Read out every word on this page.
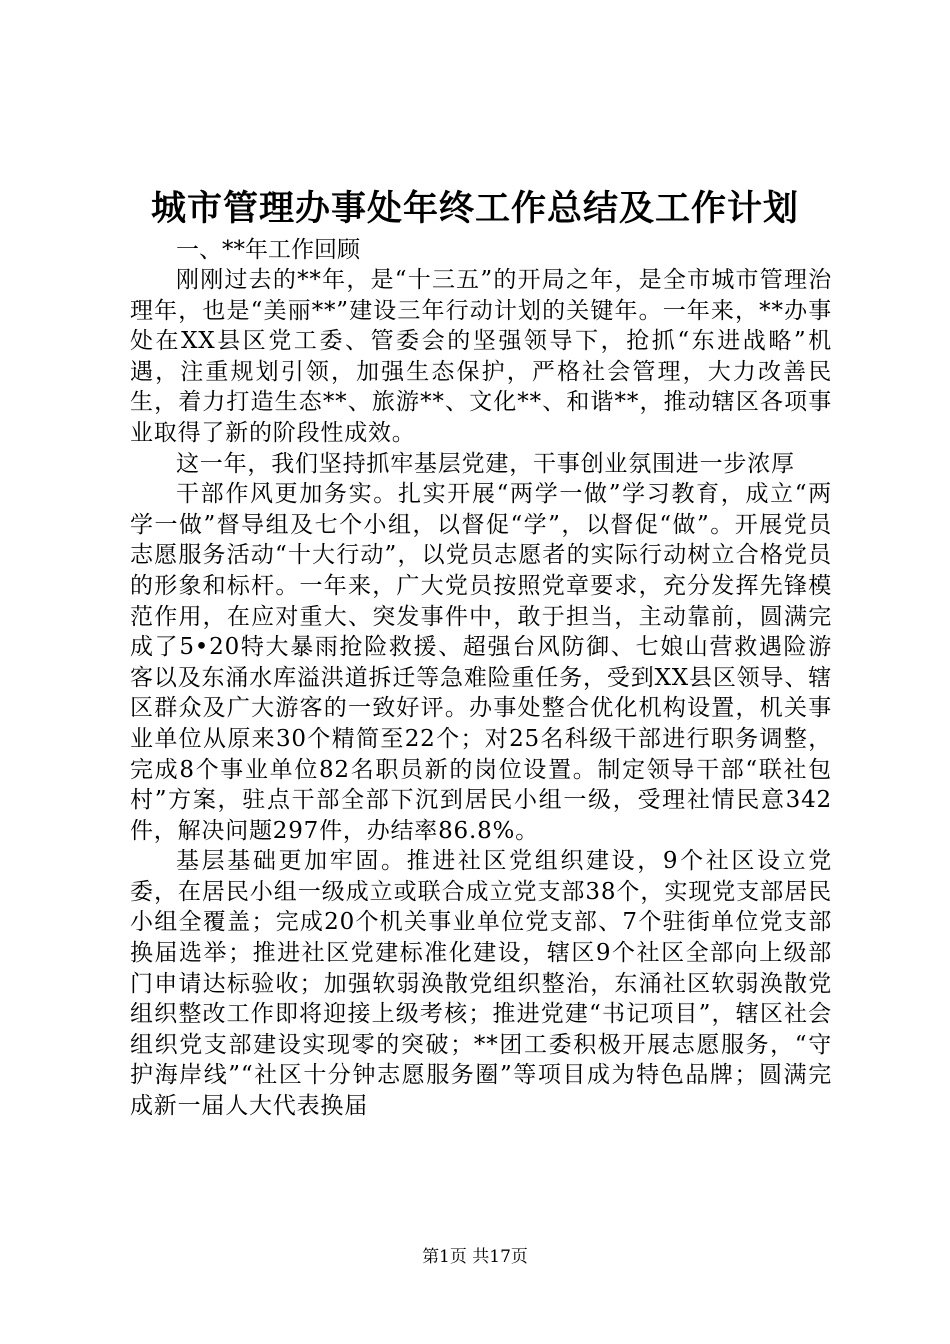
城市管理办事处年终工作总结及工作计划

一、**年工作回顾

刚刚过去的**年，是“十三五”的开局之年，是全市城市管理治理年，也是“美丽**”建设三年行动计划的关键年。一年来，**办事处在XX县区党工委、管委会的坚强领导下，抢抓“东进战略”机遇，注重规划引领，加强生态保护，严格社会管理，大力改善民生，着力打造生态**、旅游**、文化**、和谐**，推动辖区各项事业取得了新的阶段性成效。

这一年，我们坚持抓牢基层党建，干事创业氛围进一步浓厚

干部作风更加务实。扎实开展“两学一做”学习教育，成立“两学一做”督导组及七个小组，以督促“学”，以督促“做”。开展党员志愿服务活动“十大行动”，以党员志愿者的实际行动树立合格党员的形象和标杆。一年来，广大党员按照党章要求，充分发挥先锋模范作用，在应对重大、突发事件中，敢于担当，主动靠前，圆满完成了5•20特大暴雨抢险救援、超强台风防御、七娘山营救遇险游客以及东涌水库溢洪道拆迁等急难险重任务，受到XX县区领导、辖区群众及广大游客的一致好评。办事处整合优化机构设置，机关事业单位从原来30个精简至22个；对25名科级干部进行职务调整，完成8个事业单位82名职员新的岗位设置。制定领导干部“联社包村”方案，驻点干部全部下沉到居民小组一级，受理社情民意342件，解决问题297件，办结率86.8%。

基层基础更加牢固。推进社区党组织建设，9个社区设立党委，在居民小组一级成立或联合成立党支部38个，实现党支部居民小组全覆盖；完成20个机关事业单位党支部、7个驻街单位党支部换届选举；推进社区党建标准化建设，辖区9个社区全部向上级部门申请达标验收；加强软弱涣散党组织整治，东涌社区软弱涣散党组织整改工作即将迎接上级考核；推进党建“书记项目”，辖区社会组织党支部建设实现零的突破；**团工委积极开展志愿服务，“守护海岸线”“社区十分钟志愿服务圈”等项目成为特色品牌；圆满完成新一届人大代表换届

第1页 共17页
